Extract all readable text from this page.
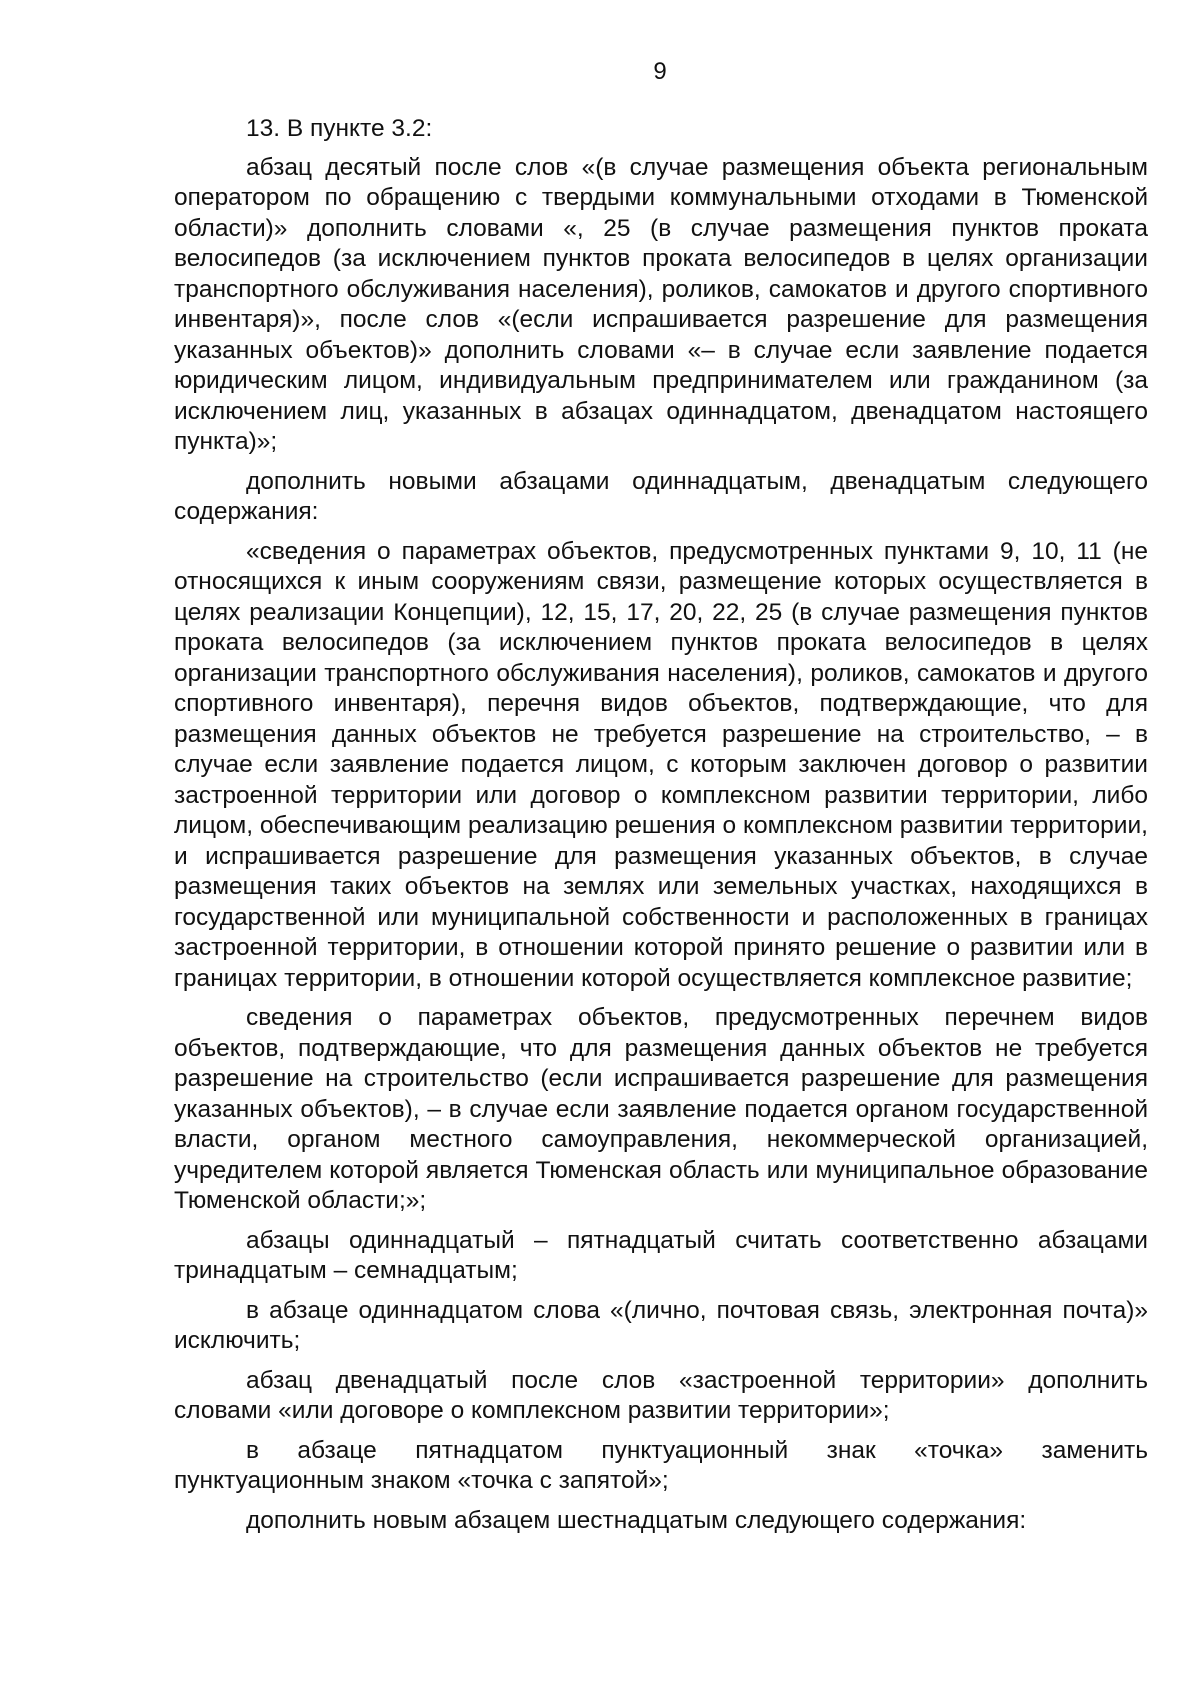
9

13. В пункте 3.2:

абзац десятый после слов «(в случае размещения объекта региональным оператором по обращению с твердыми коммунальными отходами в Тюменской области)» дополнить словами «, 25 (в случае размещения пунктов проката велосипедов (за исключением пунктов проката велосипедов в целях организации транспортного обслуживания населения), роликов, самокатов и другого спортивного инвентаря)», после слов «(если испрашивается разрешение для размещения указанных объектов)» дополнить словами «– в случае если заявление подается юридическим лицом, индивидуальным предпринимателем или гражданином (за исключением лиц, указанных в абзацах одиннадцатом, двенадцатом настоящего пункта)»;

дополнить новыми абзацами одиннадцатым, двенадцатым следующего содержания:

«сведения о параметрах объектов, предусмотренных пунктами 9, 10, 11 (не относящихся к иным сооружениям связи, размещение которых осуществляется в целях реализации Концепции), 12, 15, 17, 20, 22, 25 (в случае размещения пунктов проката велосипедов (за исключением пунктов проката велосипедов в целях организации транспортного обслуживания населения), роликов, самокатов и другого спортивного инвентаря), перечня видов объектов, подтверждающие, что для размещения данных объектов не требуется разрешение на строительство, – в случае если заявление подается лицом, с которым заключен договор о развитии застроенной территории или договор о комплексном развитии территории, либо лицом, обеспечивающим реализацию решения о комплексном развитии территории, и испрашивается разрешение для размещения указанных объектов, в случае размещения таких объектов на землях или земельных участках, находящихся в государственной или муниципальной собственности и расположенных в границах застроенной территории, в отношении которой принято решение о развитии или в границах территории, в отношении которой осуществляется комплексное развитие;

сведения о параметрах объектов, предусмотренных перечнем видов объектов, подтверждающие, что для размещения данных объектов не требуется разрешение на строительство (если испрашивается разрешение для размещения указанных объектов), – в случае если заявление подается органом государственной власти, органом местного самоуправления, некоммерческой организацией, учредителем которой является Тюменская область или муниципальное образование Тюменской области;»;

абзацы одиннадцатый – пятнадцатый считать соответственно абзацами тринадцатым – семнадцатым;

в абзаце одиннадцатом слова «(лично, почтовая связь, электронная почта)» исключить;

абзац двенадцатый после слов «застроенной территории» дополнить словами «или договоре о комплексном развитии территории»;

в абзаце пятнадцатом пунктуационный знак «точка» заменить пунктуационным знаком «точка с запятой»;

дополнить новым абзацем шестнадцатым следующего содержания:
